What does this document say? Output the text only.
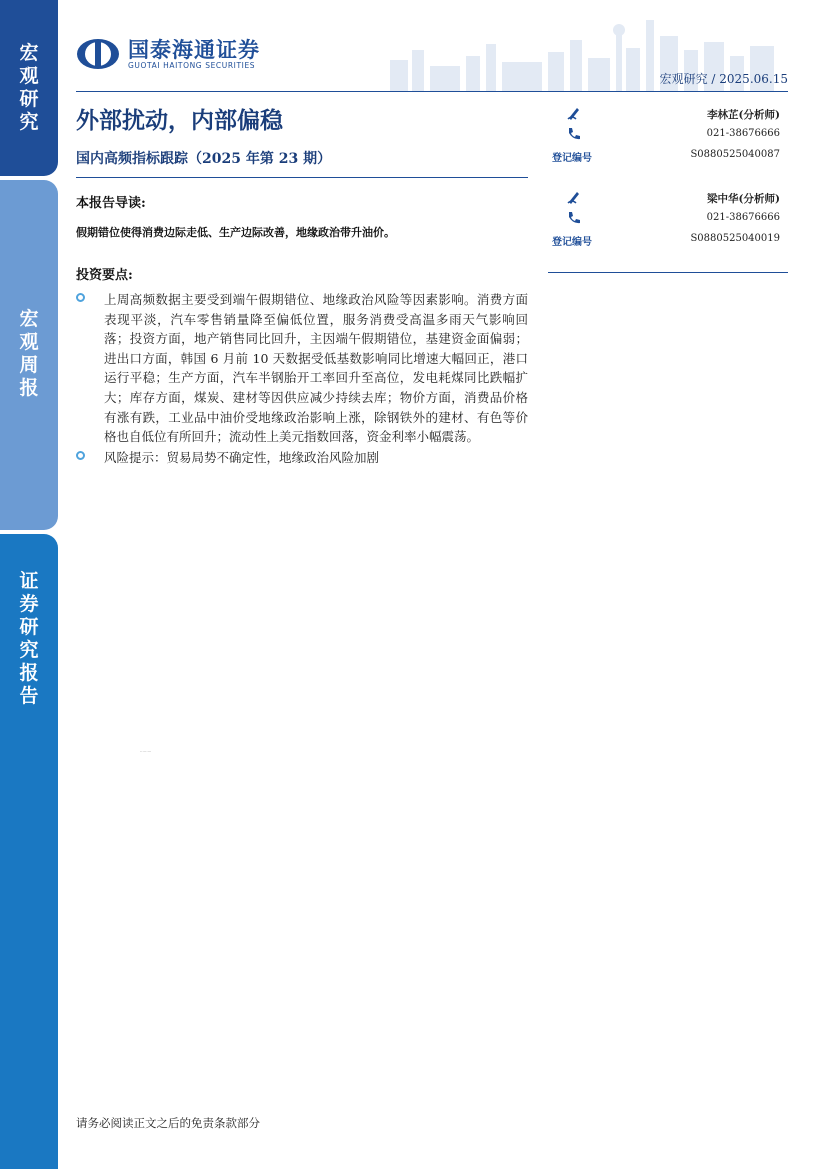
宏
观
研
究
宏
观
周
报
证
券
研
究
报
告
国泰海通证券
GUOTAI HAITONG SECURITIES
宏观研究 / 2025.06.15
外部扰动，内部偏稳
国内高频指标跟踪（2025 年第 23 期）
本报告导读:
假期错位使得消费边际走低、生产边际改善，地缘政治带升油价。
投资要点:
上周高频数据主要受到端午假期错位、地缘政治风险等因素影响。消费方面表现平淡，汽车零售销量降至偏低位置，服务消费受高温多雨天气影响回落；投资方面，地产销售同比回升，主因端午假期错位，基建资金面偏弱；进出口方面，韩国 6 月前 10 天数据受低基数影响同比增速大幅回正，港口运行平稳；生产方面，汽车半钢胎开工率回升至高位，发电耗煤同比跌幅扩大；库存方面，煤炭、建材等因供应减少持续去库；物价方面，消费品价格有涨有跌，工业品中油价受地缘政治影响上涨，除钢铁外的建材、有色等价格也自低位有所回升；流动性上美元指数回落，资金利率小幅震荡。
风险提示：贸易局势不确定性，地缘政治风险加剧
李林芷(分析师)
021-38676666
登记编号	S0880525040087
梁中华(分析师)
021-38676666
登记编号	S0880525040019
·········
请务必阅读正文之后的免责条款部分
